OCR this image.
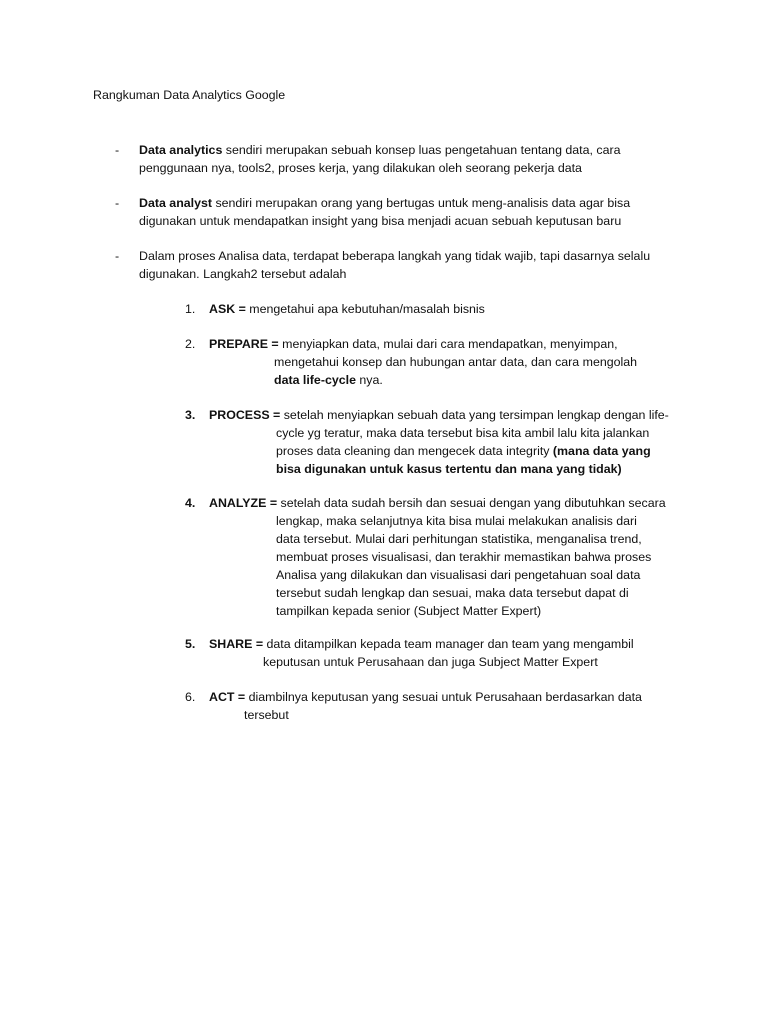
Rangkuman Data Analytics Google
- Data analytics sendiri merupakan sebuah konsep luas pengetahuan tentang data, cara
penggunaan nya, tools2, proses kerja, yang dilakukan oleh seorang pekerja data
- Data analyst sendiri merupakan orang yang bertugas untuk meng-analisis data agar bisa
digunakan untuk mendapatkan insight yang bisa menjadi acuan sebuah keputusan baru
- Dalam proses Analisa data, terdapat beberapa langkah yang tidak wajib, tapi dasarnya selalu
digunakan. Langkah2 tersebut adalah
1. ASK = mengetahui apa kebutuhan/masalah bisnis
2. PREPARE = menyiapkan data, mulai dari cara mendapatkan, menyimpan,
mengetahui konsep dan hubungan antar data, dan cara mengolah
data life-cycle nya.
3. PROCESS = setelah menyiapkan sebuah data yang tersimpan lengkap dengan life-
cycle yg teratur, maka data tersebut bisa kita ambil lalu kita jalankan
proses data cleaning dan mengecek data integrity (mana data yang
bisa digunakan untuk kasus tertentu dan mana yang tidak)
4. ANALYZE = setelah data sudah bersih dan sesuai dengan yang dibutuhkan secara
lengkap, maka selanjutnya kita bisa mulai melakukan analisis dari
data tersebut. Mulai dari perhitungan statistika, menganalisa trend,
membuat proses visualisasi, dan terakhir memastikan bahwa proses
Analisa yang dilakukan dan visualisasi dari pengetahuan soal data
tersebut sudah lengkap dan sesuai, maka data tersebut dapat di
tampilkan kepada senior (Subject Matter Expert)
5. SHARE = data ditampilkan kepada team manager dan team yang mengambil
keputusan untuk Perusahaan dan juga Subject Matter Expert
6. ACT = diambilnya keputusan yang sesuai untuk Perusahaan berdasarkan data
tersebut
